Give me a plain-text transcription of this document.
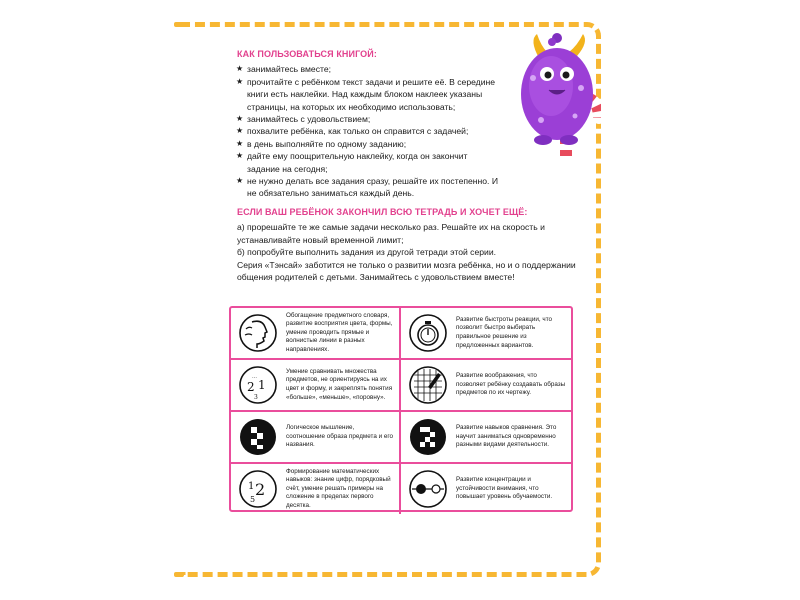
КАК ПОЛЬЗОВАТЬСЯ КНИГОЙ:
★ занимайтесь вместе;
★ прочитайте с ребёнком текст задачи и решите её. В середине книги есть наклейки. Над каждым блоком наклеек указаны страницы, на которых их необходимо использовать;
★ занимайтесь с удовольствием;
★ похвалите ребёнка, как только он справится с задачей;
★ в день выполняйте по одному заданию;
★ дайте ему поощрительную наклейку, когда он закончит задание на сегодня;
★ не нужно делать все задания сразу, решайте их постепенно. И не обязательно заниматься каждый день.
ЕСЛИ ВАШ РЕБЁНОК ЗАКОНЧИЛ ВСЮ ТЕТРАДЬ И ХОЧЕТ ЕЩЁ:

а) прорешайте те же самые задачи несколько раз. Решайте их на скорость и устанавливайте новый временной лимит;

б) попробуйте выполнить задания из другой тетради этой серии.

Серия «Тэнсай» заботится не только о развитии мозга ребёнка, но и о поддержании общения родителей с детьми. Занимайтесь с удовольствием вместе!

Обогащение предметного словаря, развитие восприятия цвета, формы, умение проводить прямые и волнистые линии в разных направлениях.
Развитие быстроты реакции, что позволит быстро выбирать правильное решение из предложенных вариантов.
2 1
3
…
Умение сравнивать множества предметов, не ориентируясь на их цвет и форму, и закреплять понятия «больше», «меньше», «поровну».
Развитие воображения, что позволяет ребёнку создавать образы предметов по их чертежу.
Логическое мышление, соотношение образа предмета и его названия.
Развитие навыков сравнения. Это научит заниматься одновременно разными видами деятельности.
1 2
5
Формирование математических навыков: знание цифр, порядковый счёт, умение решать примеры на сложение в пределах первого десятка.
Развитие концентрации и устойчивости внимания, что повышает уровень обучаемости.
